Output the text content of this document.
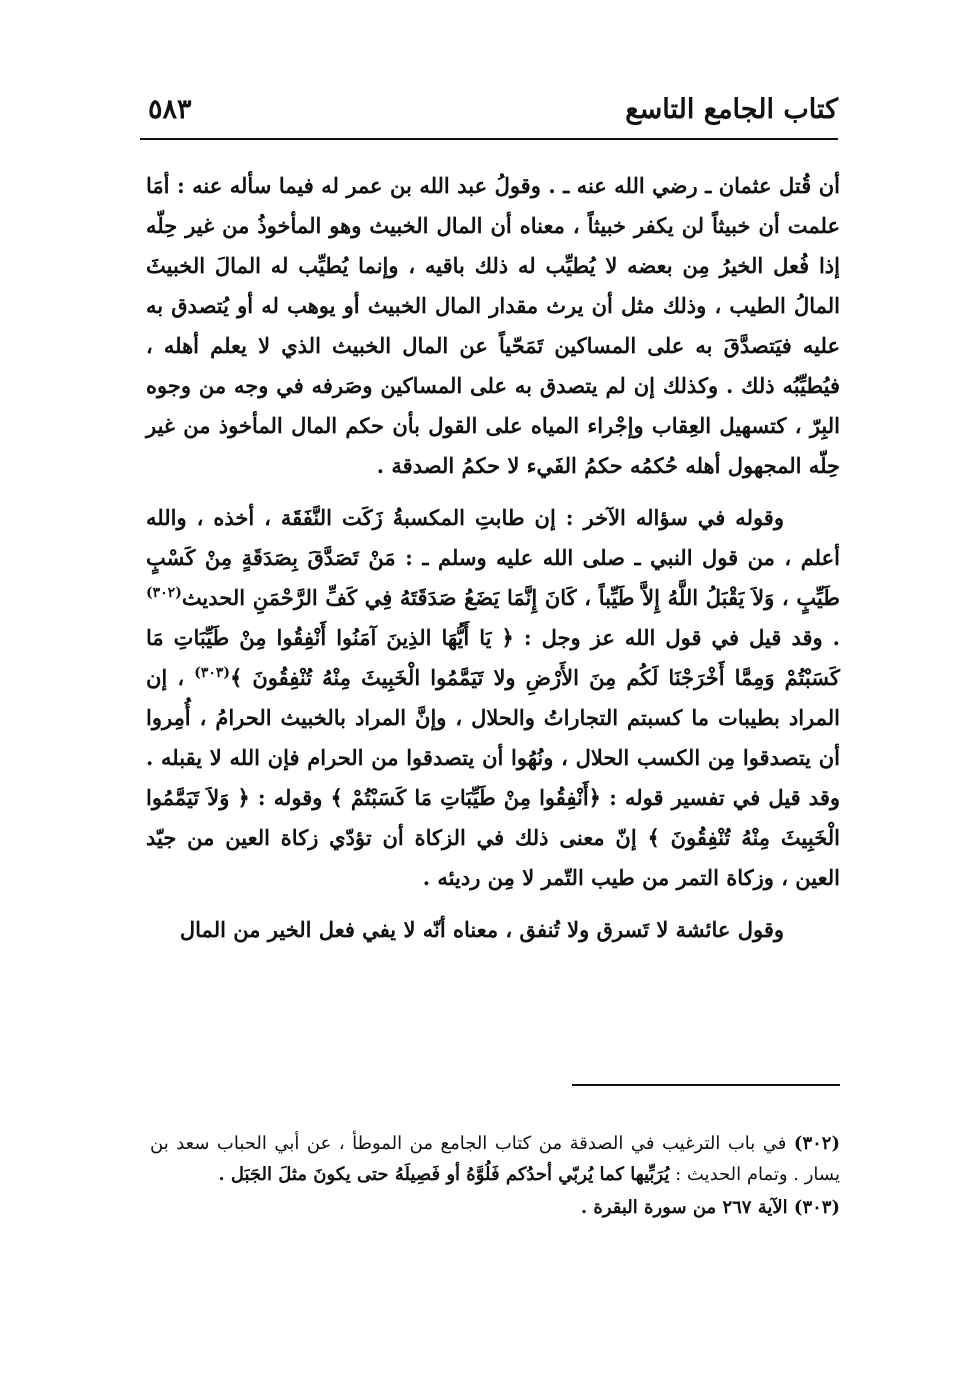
كتاب الجامع التاسع
٥٨٣

أن قُتل عثمان ـ رضي الله عنه ـ . وقولُ عبد الله بن عمر له فيما سأله عنه : أمَا علمت أن خبيثاً لن يكفر خبيثاً ، معناه أن المال الخبيث وهو المأخوذُ من غير حِلّه إذا فُعل الخيرُ مِن بعضه لا يُطيِّب له ذلك باقيه ، وإنما يُطيِّب له المالَ الخبيثَ المالُ الطيب ، وذلك مثل أن يرث مقدار المال الخبيث أو يوهب له أو يُتصدق به عليه فيَتصدَّقَ به على المساكين تَمَحّياً عن المال الخبيث الذي لا يعلم أهله ، فيُطيِّبُه ذلك . وكذلك إن لم يتصدق به على المساكين وصَرفه في وجه من وجوه البِرّ ، كتسهيل العِقاب وإجْراء المياه على القول بأن حكم المال المأخوذ من غير حِلّه المجهول أهله حُكمُه حكمُ الفَيء لا حكمُ الصدقة .

وقوله في سؤاله الآخر : إن طابتِ المكسبةُ زَكَت النَّفَقَة ، أخذه ، والله أعلم ، من قول النبي ـ صلى الله عليه وسلم ـ : مَنْ تَصَدَّقَ بِصَدَقَةٍ مِنْ كَسْبٍ طَيِّبٍ ، وَلاَ يَقْبَلُ اللَّهُ إِلاَّ طَيِّباً ، كَانَ إِنَّمَا يَضَعُ صَدَقَتَهُ فِي كَفِّ الرَّحْمَنِ الحديث$^{(٣٠٢)}$ . وقد قيل في قول الله عز وجل : ﴿ يَا أَيُّهَا الذِينَ آمَنُوا أَنْفِقُوا مِنْ طَيِّبَاتِ مَا كَسَبْتُمْ وَمِمَّا أَخْرَجْنَا لَكُم مِنَ الأَرْضِ ولا تَيَمَّمُوا الْخَبِيثَ مِنْهُ تُنْفِقُونَ ﴾$^{(٣٠٣)}$ ، إن المراد بطيبات ما كسبتم التجاراتُ والحلال ، وإنَّ المراد بالخبيث الحرامُ ، أُمِروا أن يتصدقوا مِن الكسب الحلال ، ونُهُوا أن يتصدقوا من الحرام فإن الله لا يقبله . وقد قيل في تفسير قوله : ﴿أَنْفِقُوا مِنْ طَيِّبَاتِ مَا كَسَبْتُمْ ﴾ وقوله : ﴿ وَلاَ تَيَمَّمُوا الْخَبِيثَ مِنْهُ تُنْفِقُونَ ﴾ إنّ معنى ذلك في الزكاة أن تؤدّي زكاة العين من جيّد العين ، وزكاة التمر من طيب التّمر لا مِن رديئه .

وقول عائشة لا تَسرق ولا تُنفق ، معناه أنّه لا يفي فعل الخير من المال

(٣٠٢) في باب الترغيب في الصدقة من كتاب الجامع من الموطأ ، عن أبي الحباب سعد بن يسار . وتمام الحديث : يُرَبِّيها كما يُربّي أحدُكم فَلُوَّهُ أو فَصِيلَهُ حتى يكونَ مثلَ الجَبَل .

(٣٠٣) الآية ٢٦٧ من سورة البقرة .
